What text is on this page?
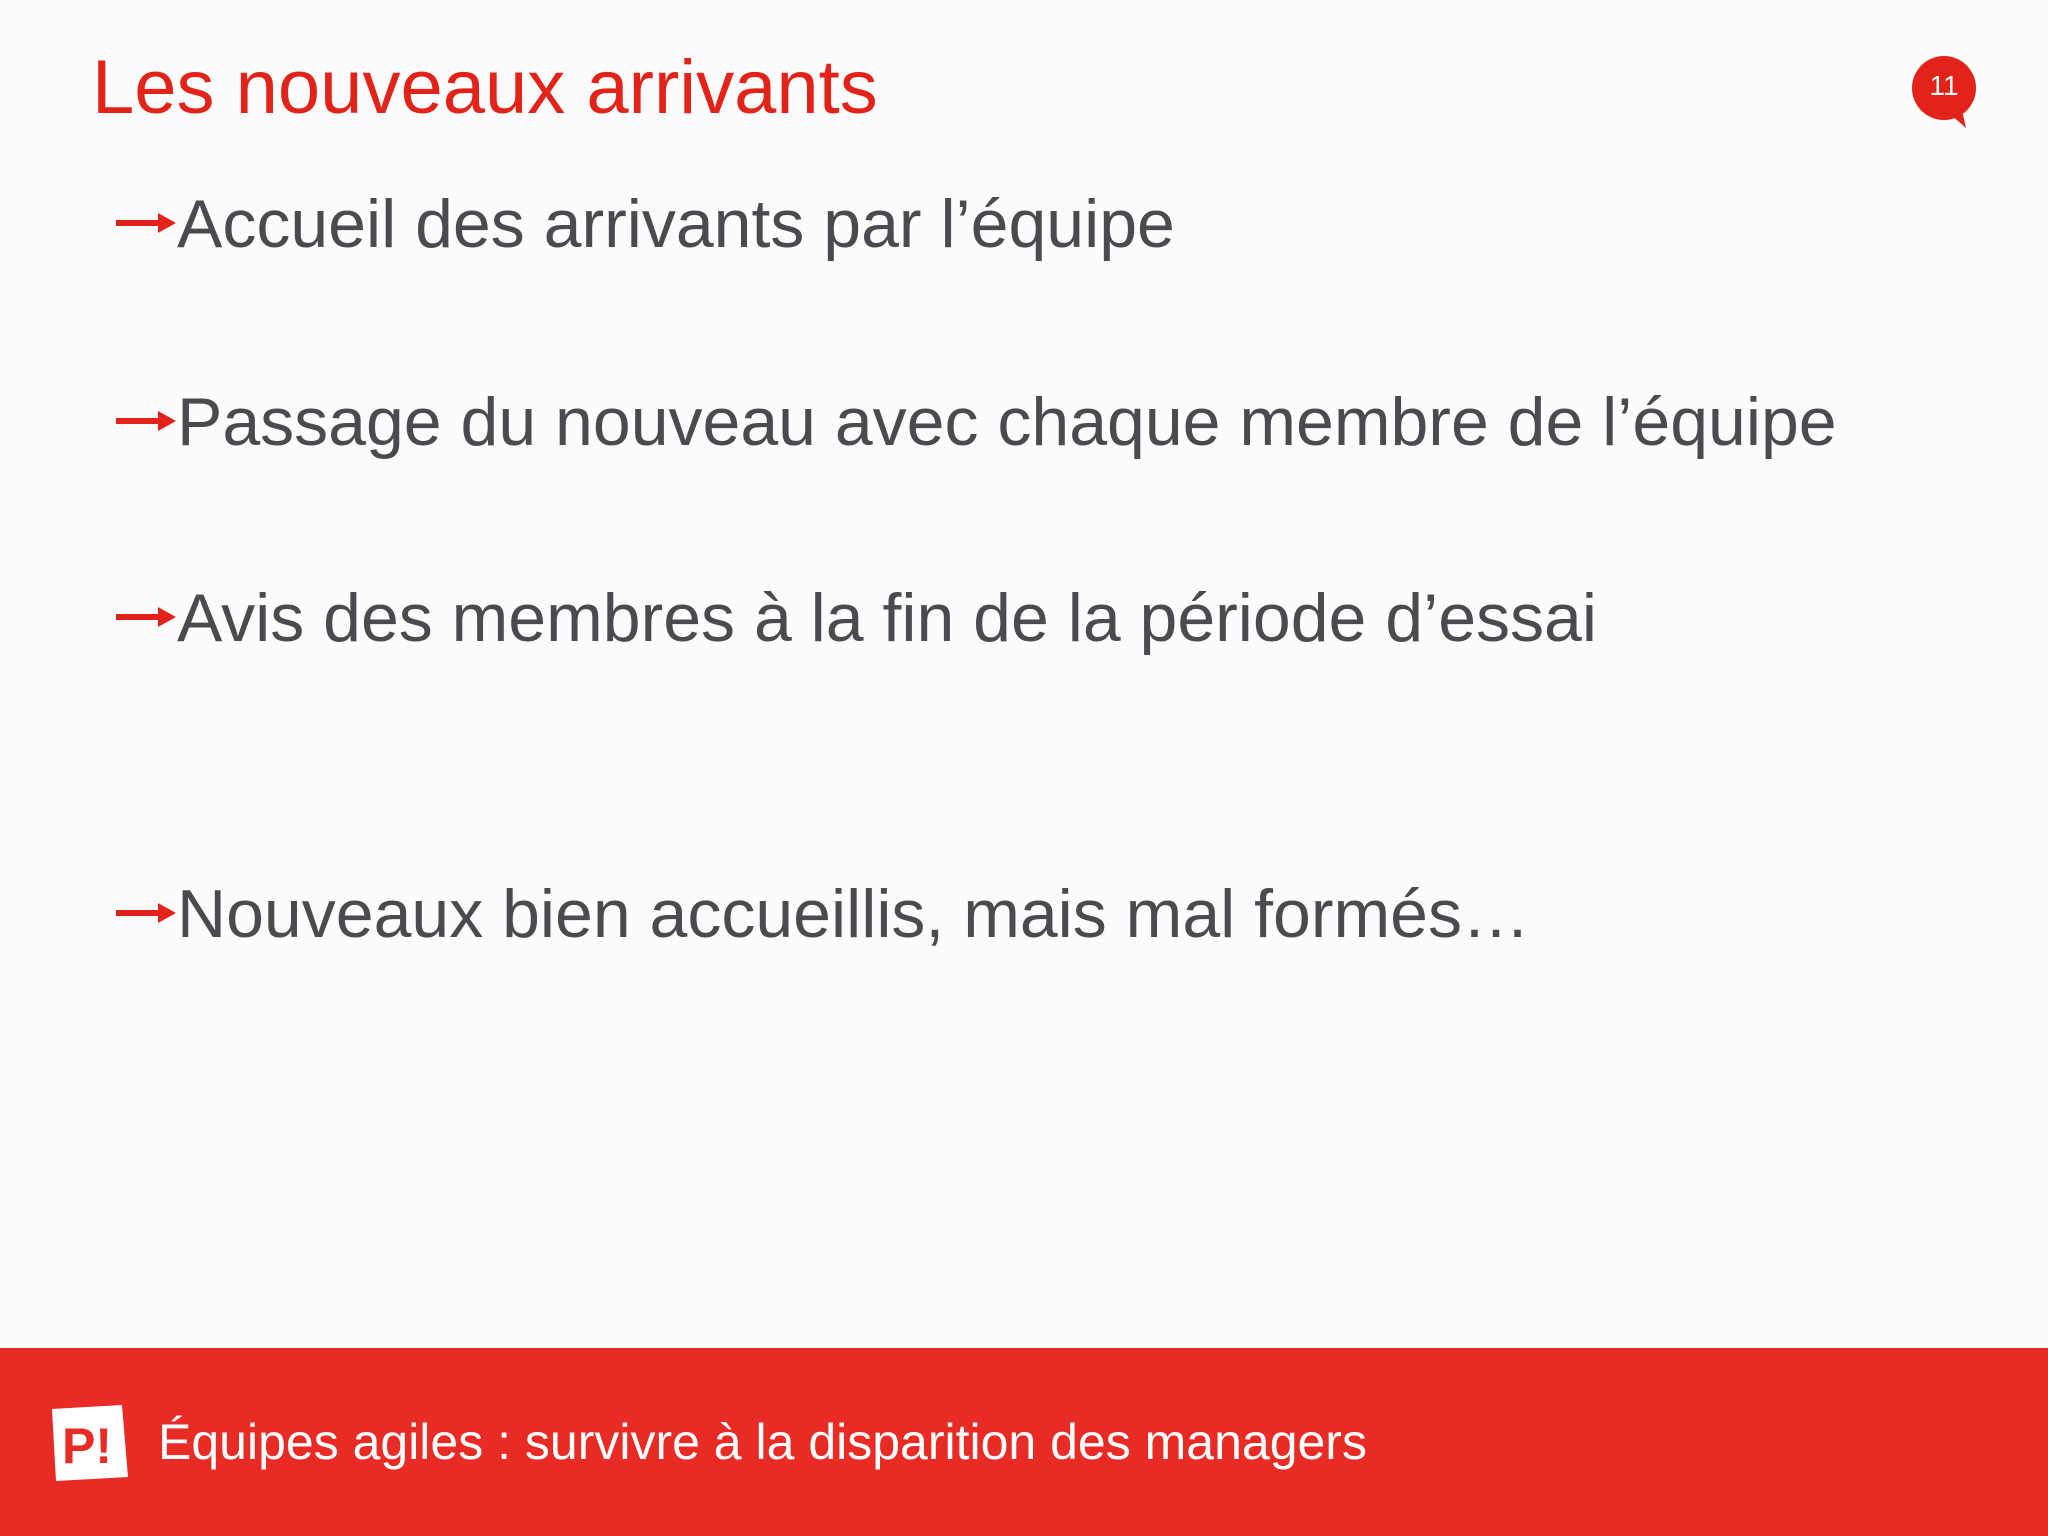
Les nouveaux arrivants	11
Accueil des arrivants par l’équipe
Passage du nouveau avec chaque membre de l’équipe
Avis des membres à la fin de la période d’essai
Nouveaux bien accueillis, mais mal formés…
P! Équipes agiles : survivre à la disparition des managers
